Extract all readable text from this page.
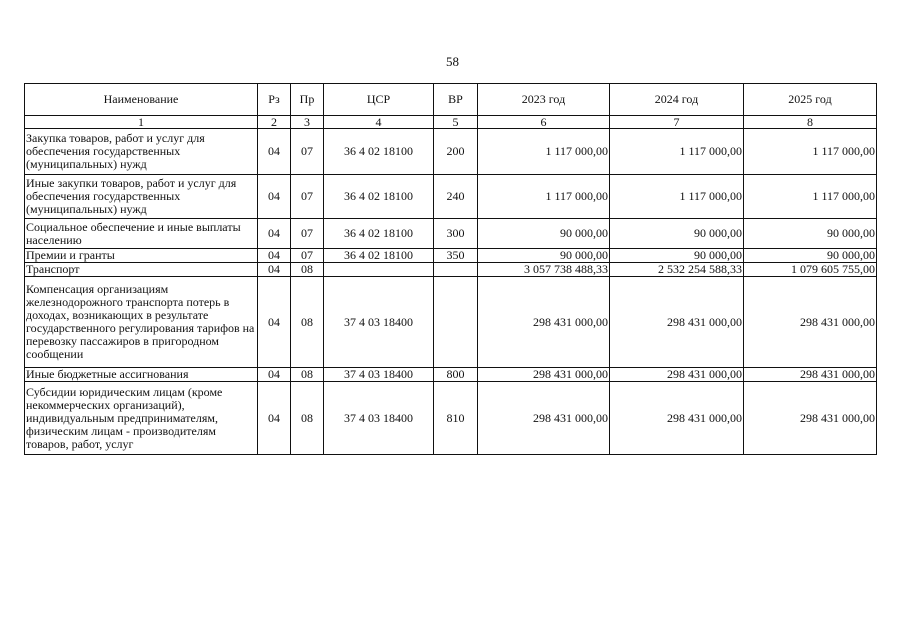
58
Наименование	Рз	Пр	ЦСР	ВР	2023 год	2024 год	2025 год
1	2	3	4	5	6	7	8
Закупка товаров, работ и услуг для обеспечения государственных (муниципальных) нужд	04	07	36 4 02 18100	200	1 117 000,00	1 117 000,00	1 117 000,00
Иные закупки товаров, работ и услуг для обеспечения государственных (муниципальных) нужд	04	07	36 4 02 18100	240	1 117 000,00	1 117 000,00	1 117 000,00
Социальное обеспечение и иные выплаты населению	04	07	36 4 02 18100	300	90 000,00	90 000,00	90 000,00
Премии и гранты	04	07	36 4 02 18100	350	90 000,00	90 000,00	90 000,00
Транспорт	04	08			3 057 738 488,33	2 532 254 588,33	1 079 605 755,00
Компенсация организациям железнодорожного транспорта потерь в доходах, возникающих в результате государственного регулирования тарифов на перевозку пассажиров в пригородном сообщении	04	08	37 4 03 18400		298 431 000,00	298 431 000,00	298 431 000,00
Иные бюджетные ассигнования	04	08	37 4 03 18400	800	298 431 000,00	298 431 000,00	298 431 000,00
Субсидии юридическим лицам (кроме некоммерческих организаций), индивидуальным предпринимателям, физическим лицам - производителям товаров, работ, услуг	04	08	37 4 03 18400	810	298 431 000,00	298 431 000,00	298 431 000,00
